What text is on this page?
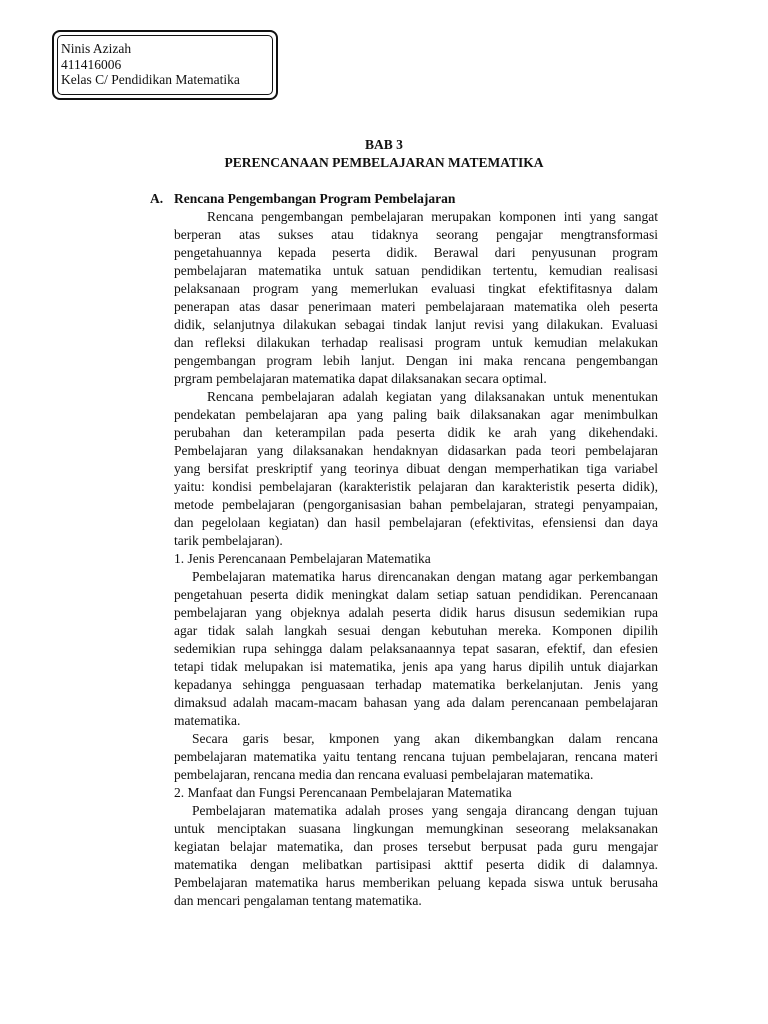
Ninis Azizah
411416006
Kelas C/ Pendidikan Matematika
BAB 3
PERENCANAAN PEMBELAJARAN MATEMATIKA
A. Rencana Pengembangan Program Pembelajaran
Rencana pengembangan pembelajaran merupakan komponen inti yang sangat
berperan atas sukses atau tidaknya seorang pengajar mengtransformasi
pengetahuannya kepada peserta didik. Berawal dari penyusunan program
pembelajaran matematika untuk satuan pendidikan tertentu, kemudian realisasi
pelaksanaan program yang memerlukan evaluasi tingkat efektifitasnya dalam
penerapan atas dasar penerimaan materi pembelajaraan matematika oleh peserta
didik, selanjutnya dilakukan sebagai tindak lanjut revisi yang dilakukan. Evaluasi
dan refleksi dilakukan terhadap realisasi program untuk kemudian melakukan
pengembangan program lebih lanjut. Dengan ini maka rencana pengembangan
prgram pembelajaran matematika dapat dilaksanakan secara optimal.
Rencana pembelajaran adalah kegiatan yang dilaksanakan untuk menentukan
pendekatan pembelajaran apa yang paling baik dilaksanakan agar menimbulkan
perubahan dan keterampilan pada peserta didik ke arah yang dikehendaki.
Pembelajaran yang dilaksanakan hendaknyan didasarkan pada teori pembelajaran
yang bersifat preskriptif yang teorinya dibuat dengan memperhatikan tiga variabel
yaitu: kondisi pembelajaran (karakteristik pelajaran dan karakteristik peserta didik),
metode pembelajaran (pengorganisasian bahan pembelajaran, strategi penyampaian,
dan pegelolaan kegiatan) dan hasil pembelajaran (efektivitas, efensiensi dan daya
tarik pembelajaran).
1. Jenis Perencanaan Pembelajaran Matematika
Pembelajaran matematika harus direncanakan dengan matang agar perkembangan
pengetahuan peserta didik meningkat dalam setiap satuan pendidikan. Perencanaan
pembelajaran yang objeknya adalah peserta didik harus disusun sedemikian rupa
agar tidak salah langkah sesuai dengan kebutuhan mereka. Komponen dipilih
sedemikian rupa sehingga dalam pelaksanaannya tepat sasaran, efektif, dan efesien
tetapi tidak melupakan isi matematika, jenis apa yang harus dipilih untuk diajarkan
kepadanya sehingga penguasaan terhadap matematika berkelanjutan. Jenis yang
dimaksud adalah macam-macam bahasan yang ada dalam perencanaan pembelajaran
matematika.
Secara garis besar, kmponen yang akan dikembangkan dalam rencana
pembelajaran matematika yaitu tentang rencana tujuan pembelajaran, rencana materi
pembelajaran, rencana media dan rencana evaluasi pembelajaran matematika.
2. Manfaat dan Fungsi Perencanaan Pembelajaran Matematika
Pembelajaran matematika adalah proses yang sengaja dirancang dengan tujuan
untuk menciptakan suasana lingkungan memungkinan seseorang melaksanakan
kegiatan belajar matematika, dan proses tersebut berpusat pada guru mengajar
matematika dengan melibatkan partisipasi akttif peserta didik di dalamnya.
Pembelajaran matematika harus memberikan peluang kepada siswa untuk berusaha
dan mencari pengalaman tentang matematika.
